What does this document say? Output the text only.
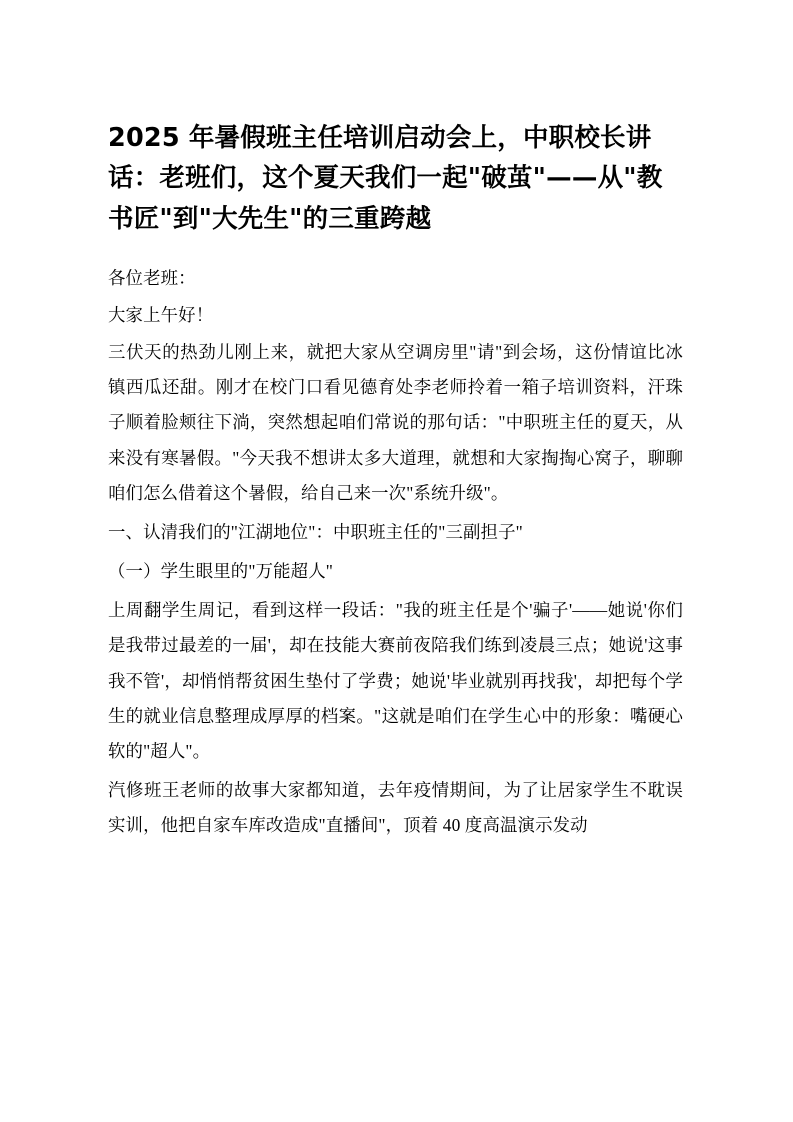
2025 年暑假班主任培训启动会上，中职校长讲话：老班们，这个夏天我们一起"破茧"——从"教书匠"到"大先生"的三重跨越

各位老班：

大家上午好！

三伏天的热劲儿刚上来，就把大家从空调房里"请"到会场，这份情谊比冰镇西瓜还甜。刚才在校门口看见德育处李老师拎着一箱子培训资料，汗珠子顺着脸颊往下淌，突然想起咱们常说的那句话："中职班主任的夏天，从来没有寒暑假。"今天我不想讲太多大道理，就想和大家掏掏心窝子，聊聊咱们怎么借着这个暑假，给自己来一次"系统升级"。

一、认清我们的"江湖地位"：中职班主任的"三副担子"

（一）学生眼里的"万能超人"

上周翻学生周记，看到这样一段话："我的班主任是个'骗子'——她说'你们是我带过最差的一届'，却在技能大赛前夜陪我们练到凌晨三点；她说'这事我不管'，却悄悄帮贫困生垫付了学费；她说'毕业就别再找我'，却把每个学生的就业信息整理成厚厚的档案。"这就是咱们在学生心中的形象：嘴硬心软的"超人"。

汽修班王老师的故事大家都知道，去年疫情期间，为了让居家学生不耽误实训，他把自家车库改造成"直播间"，顶着 40 度高温演示发动
